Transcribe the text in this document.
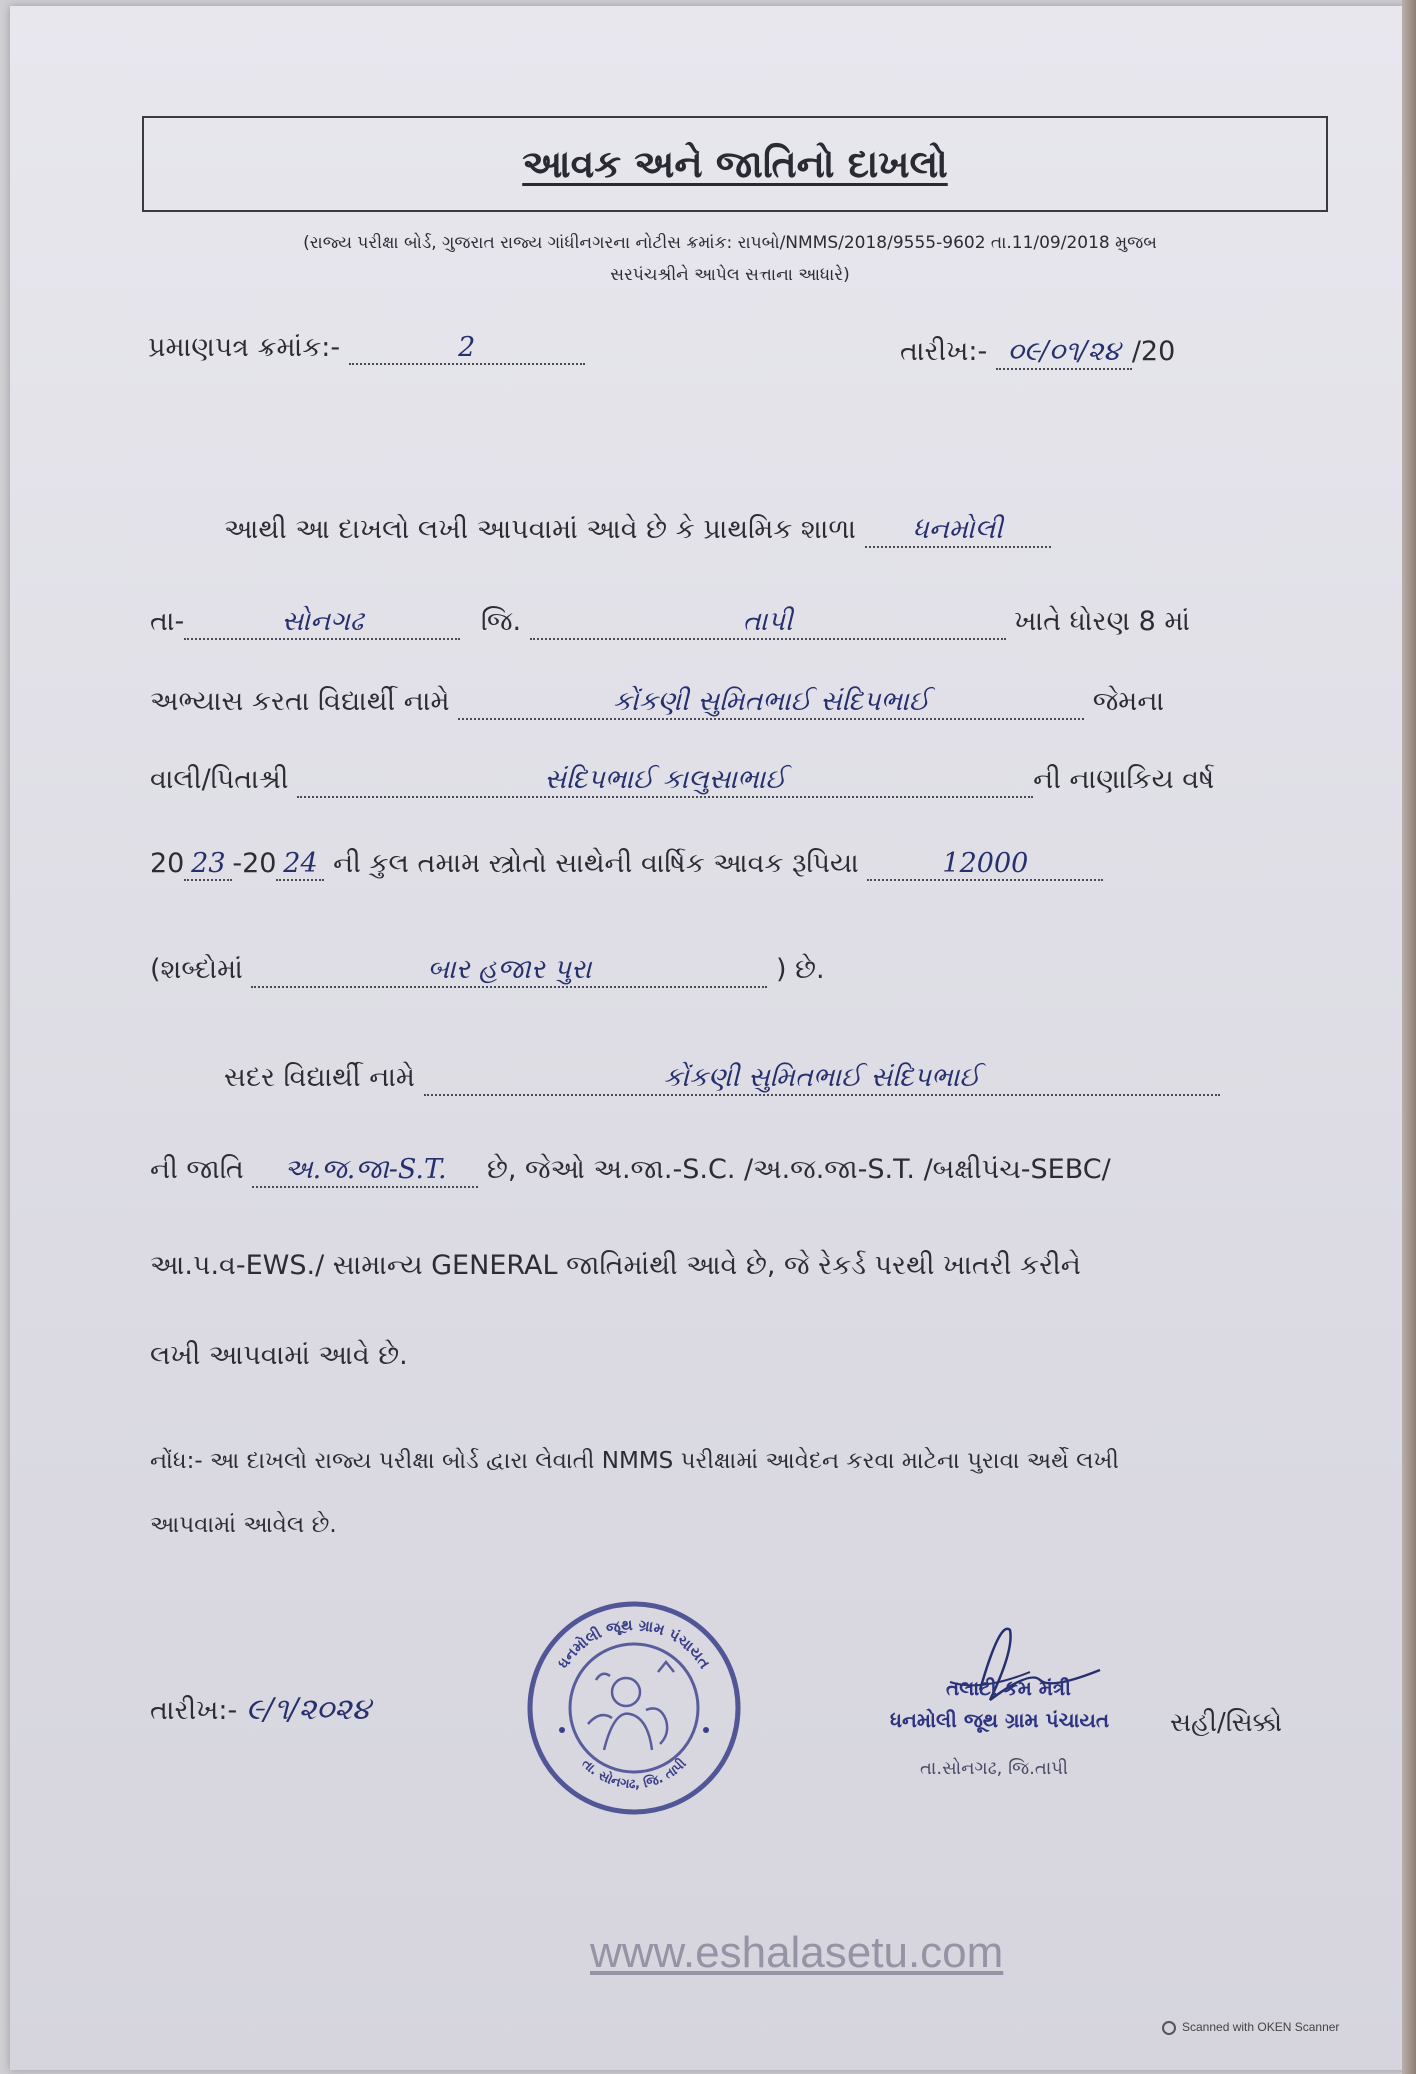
આવક અને જાતિનો દાખલો
(રાજ્ય પરીક્ષા બોર્ડ, ગુજરાત રાજ્ય ગાંધીનગરના નોટીસ ક્રમાંક: રાપબો/NMMS/2018/9555-9602 તા.11/09/2018 મુજબ
સરપંચશ્રીને આપેલ સત્તાના આધારે)
પ્રમાણપત્ર ક્રમાંક:-	2	તારીખ:- ૦૯/૦૧/૨૪ /20
આથી આ દાખલો લખી આપવામાં આવે છે કે પ્રાથમિક શાળા ધનમોલી
તા-	સોનગઢ	જિ.	તાપી	ખાતે ધોરણ 8 માં
અભ્યાસ કરતા વિદ્યાર્થી નામે	કોંકણી સુમિતભાઈ સંદિપભાઈ	જેમના
વાલી/પિતાશ્રી	સંદિપભાઈ કાલુસાભાઈ	ની નાણાકિય વર્ષ
20 23 -20 24 ની કુલ તમામ સ્ત્રોતો સાથેની વાર્ષિક આવક રૂપિયા	12000
(શબ્દોમાં	બાર હજાર પુરા	) છે.
સદર વિદ્યાર્થી નામે	કોંકણી સુમિતભાઈ સંદિપભાઈ
ની જાતિ અ.જ.જા-S.T. છે, જેઓ અ.જા.-S.C. /અ.જ.જા-S.T. /બક્ષીપંચ-SEBC/
આ.પ.વ-EWS./ સામાન્ય GENERAL જાતિમાંથી આવે છે, જે રેકર્ડ પરથી ખાતરી કરીને
લખી આપવામાં આવે છે.
નોંધ:- આ દાખલો રાજ્ય પરીક્ષા બોર્ડ દ્વારા લેવાતી NMMS પરીક્ષામાં આવેદન કરવા માટેના પુરાવા અર્થે લખી
આપવામાં આવેલ છે.
તારીખ:- ૯/૧/૨૦૨૪
ધનમોલી જૂથ ગ્રામ પંચાયત
તા. સોનગઢ, જિ. તાપી
તલાટી કમ મંત્રી
ધનમોલી જૂથ ગ્રામ પંચાયત સહી/સિક્કો
તા.સોનગઢ, જિ.તાપી
www.eshalasetu.com
Scanned with OKEN Scanner
